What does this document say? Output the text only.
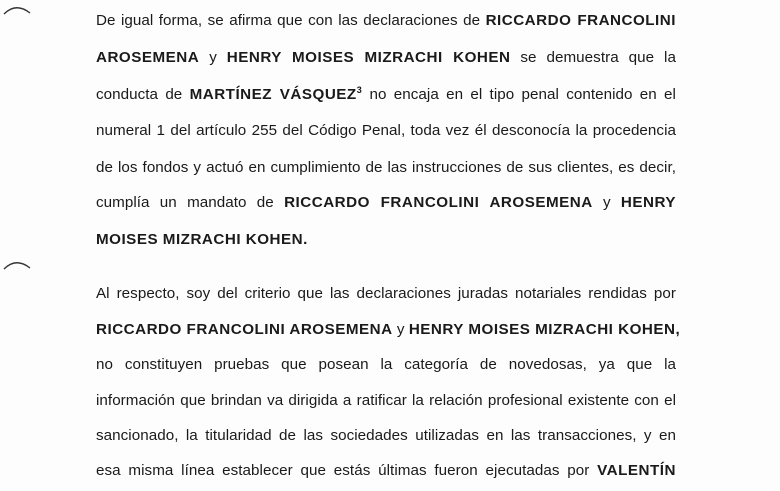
De igual forma, se afirma que con las declaraciones de RICCARDO FRANCOLINI
AROSEMENA y HENRY MOISES MIZRACHI KOHEN se demuestra que la
conducta de MARTÍNEZ VÁSQUEZ$^3$ no encaja en el tipo penal contenido en el
numeral 1 del artículo 255 del Código Penal, toda vez él desconocía la procedencia
de los fondos y actuó en cumplimiento de las instrucciones de sus clientes, es decir,
cumplía un mandato de RICCARDO FRANCOLINI AROSEMENA y HENRY
MOISES MIZRACHI KOHEN.
Al respecto, soy del criterio que las declaraciones juradas notariales rendidas por
RICCARDO FRANCOLINI AROSEMENA y HENRY MOISES MIZRACHI KOHEN,
no constituyen pruebas que posean la categoría de novedosas, ya que la
información que brindan va dirigida a ratificar la relación profesional existente con el
sancionado, la titularidad de las sociedades utilizadas en las transacciones, y en
esa misma línea establecer que estás últimas fueron ejecutadas por VALENTÍN
